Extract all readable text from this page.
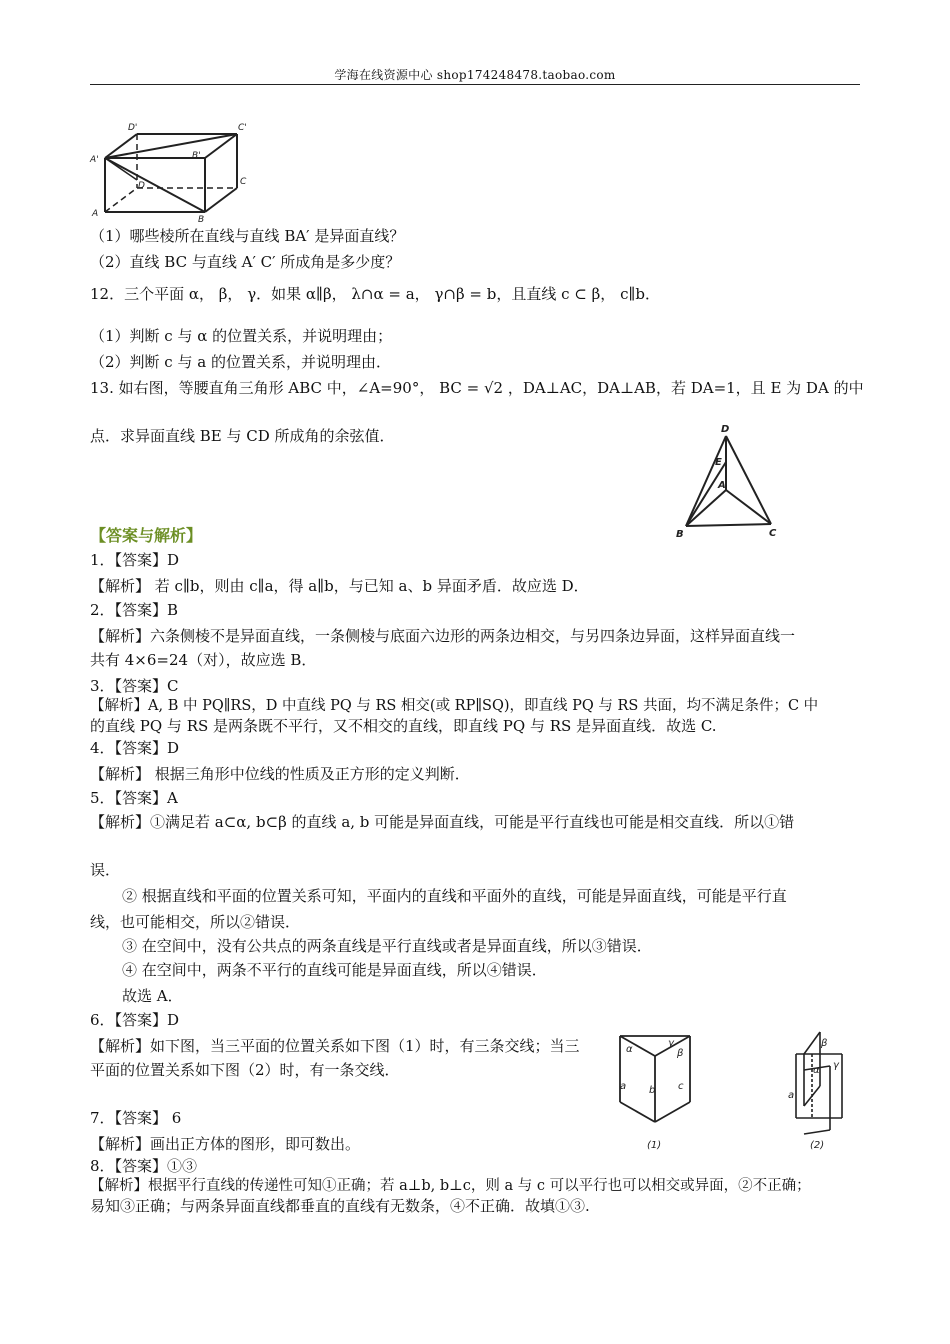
学海在线资源中心 shop174248478.taobao.com
D'	C'
A'	B'
D	C
A
B
（1）哪些棱所在直线与直线 BA′ 是异面直线？
（2）直线 BC 与直线 A′ C′ 所成角是多少度？
12．三个平面 α， β， γ．如果 α∥β， λ∩α = a， γ∩β = b，且直线 c ⊂ β， c∥b．
（1）判断 c 与 α 的位置关系，并说明理由；
（2）判断 c 与 a 的位置关系，并说明理由．
13. 如右图，等腰直角三角形 ABC 中，∠A=90°， BC = √2 ，DA⊥AC，DA⊥AB，若 DA=1，且 E 为 DA 的中
点．求异面直线 BE 与 CD 所成角的余弦值．	D
E
A
B	C
【答案与解析】
1．【答案】D
【解析】 若 c∥b，则由 c∥a，得 a∥b，与已知 a、b 异面矛盾．故应选 D．
2．【答案】B
【解析】六条侧棱不是异面直线，一条侧棱与底面六边形的两条边相交，与另四条边异面，这样异面直线一
共有 4×6=24（对），故应选 B．
3．【答案】C
【解析】A, B 中 PQ∥RS，D 中直线 PQ 与 RS 相交(或 RP∥SQ)，即直线 PQ 与 RS 共面，均不满足条件；C 中
的直线 PQ 与 RS 是两条既不平行，又不相交的直线，即直线 PQ 与 RS 是异面直线．故选 C.
4．【答案】D
【解析】 根据三角形中位线的性质及正方形的定义判断．
5．【答案】A
【解析】①满足若 a⊂α, b⊂β 的直线 a, b 可能是异面直线，可能是平行直线也可能是相交直线．所以①错
误．
② 根据直线和平面的位置关系可知，平面内的直线和平面外的直线，可能是异面直线，可能是平行直
线，也可能相交，所以②错误．
③ 在空间中，没有公共点的两条直线是平行直线或者是异面直线，所以③错误．
④ 在空间中，两条不平行的直线可能是异面直线，所以④错误．
故选 A．
6．【答案】D
【解析】如下图，当三平面的位置关系如下图（1）时，有三条交线；当三
平面的位置关系如下图（2）时，有一条交线．
α
γ
β
a b c
(1)
β
α γ
a
(2)
7．【答案】 6
【解析】画出正方体的图形，即可数出。
8．【答案】①③
【解析】根据平行直线的传递性可知①正确；若 a⊥b, b⊥c，则 a 与 c 可以平行也可以相交或异面，②不正确；
易知③正确；与两条异面直线都垂直的直线有无数条，④不正确．故填①③.
